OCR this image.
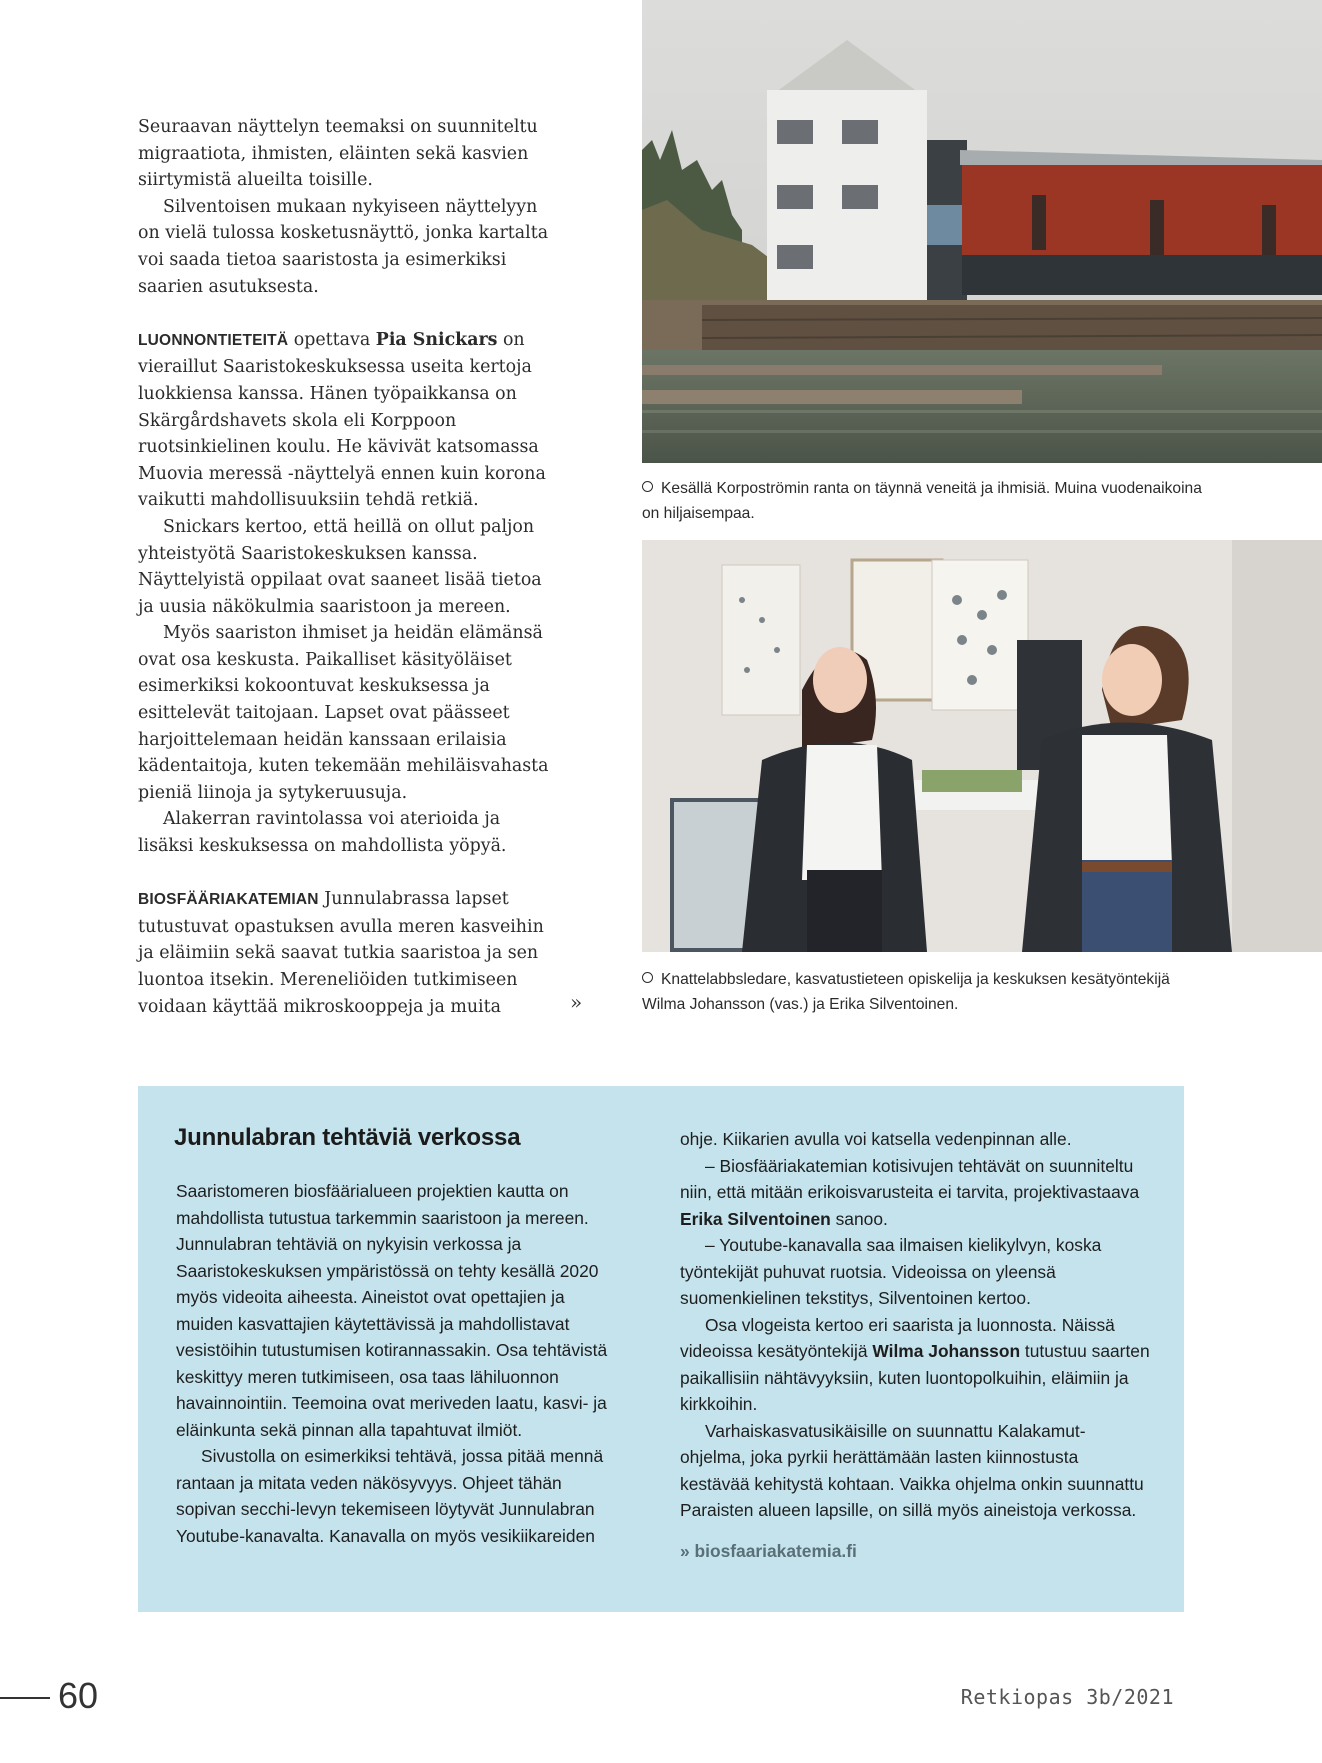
Seuraavan näyttelyn teemaksi on suunniteltu migraatiota, ihmisten, eläinten sekä kasvien siirtymistä alueilta toisille.

Silventoisen mukaan nykyiseen näyttelyyn on vielä tulossa kosketusnäyttö, jonka kartalta voi saada tietoa saaristosta ja esimerkiksi saarien asutuksesta.

LUONNONTIETEITÄ opettava Pia Snickars on vieraillut Saaristokeskuksessa useita kertoja luokkiensa kanssa. Hänen työpaikkansa on Skärgårdshavets skola eli Korppoon ruotsinkielinen koulu. He kävivät katsomassa Muovia meressä -näyttelyä ennen kuin korona vaikutti mahdollisuuksiin tehdä retkiä.

Snickars kertoo, että heillä on ollut paljon yhteistyötä Saaristokeskuksen kanssa. Näyttelyistä oppilaat ovat saaneet lisää tietoa ja uusia näkökulmia saaristoon ja mereen.

Myös saariston ihmiset ja heidän elämänsä ovat osa keskusta. Paikalliset käsityöläiset esimerkiksi kokoontuvat keskuksessa ja esittelevät taitojaan. Lapset ovat päässeet harjoittelemaan heidän kanssaan erilaisia kädentaitoja, kuten tekemään mehiläisvahasta pieniä liinoja ja sytykeruusuja.

Alakerran ravintolassa voi aterioida ja lisäksi keskuksessa on mahdollista yöpyä.

BIOSFÄÄRIAKATEMIAN Junnulabrassa lapset tutustuvat opastuksen avulla meren kasveihin ja eläimiin sekä saavat tutkia saaristoa ja sen luontoa itsekin. Mereneliöiden tutkimiseen voidaan käyttää mikroskooppeja ja muita	»
Kesällä Korpoströmin ranta on täynnä veneitä ja ihmisiä. Muina vuodenaikoina on hiljaisempaa.
Knattelabbsledare, kasvatustieteen opiskelija ja keskuksen kesätyöntekijä Wilma Johansson (vas.) ja Erika Silventoinen.
Junnulabran tehtäviä verkossa

Saaristomeren biosfäärialueen projektien kautta on mahdollista tutustua tarkemmin saaristoon ja mereen. Junnulabran tehtäviä on nykyisin verkossa ja Saaristokeskuksen ympäristössä on tehty kesällä 2020 myös videoita aiheesta. Aineistot ovat opettajien ja muiden kasvattajien käytettävissä ja mahdollistavat vesistöihin tutustumisen kotirannassakin. Osa tehtävistä keskittyy meren tutkimiseen, osa taas lähiluonnon havainnointiin. Teemoina ovat meriveden laatu, kasvi- ja eläinkunta sekä pinnan alla tapahtuvat ilmiöt.

Sivustolla on esimerkiksi tehtävä, jossa pitää mennä rantaan ja mitata veden näkösyvyys. Ohjeet tähän sopivan secchi-levyn tekemiseen löytyvät Junnulabran Youtube-kanavalta. Kanavalla on myös vesikiikareiden

ohje. Kiikarien avulla voi katsella vedenpinnan alle.

– Biosfääriakatemian kotisivujen tehtävät on suunniteltu niin, että mitään erikoisvarusteita ei tarvita, projektivastaava Erika Silventoinen sanoo.

– Youtube-kanavalla saa ilmaisen kielikylvyn, koska työntekijät puhuvat ruotsia. Videoissa on yleensä suomenkielinen tekstitys, Silventoinen kertoo.

Osa vlogeista kertoo eri saarista ja luonnosta. Näissä videoissa kesätyöntekijä Wilma Johansson tutustuu saarten paikallisiin nähtävyyksiin, kuten luontopolkuihin, eläimiin ja kirkkoihin.

Varhaiskasvatusikäisille on suunnattu Kalakamut-ohjelma, joka pyrkii herättämään lasten kiinnostusta kestävää kehitystä kohtaan. Vaikka ohjelma onkin suunnattu Paraisten alueen lapsille, on sillä myös aineistoja verkossa.

» biosfaariakatemia.fi
60	Retkiopas 3b/2021
